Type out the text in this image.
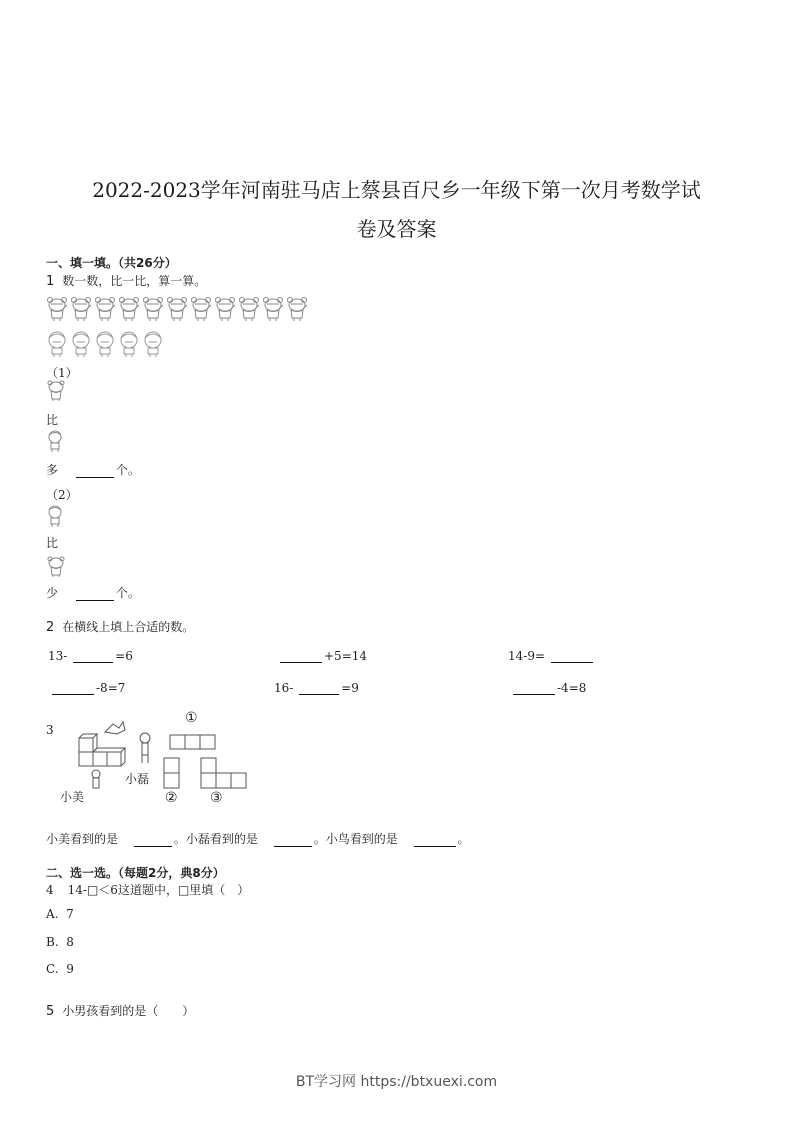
2022-2023学年河南驻马店上蔡县百尺乡一年级下第一次月考数学试
卷及答案
一、填一填。（共26分）
1 数一数，比一比，算一算。
（1）
比
多	个。
（2）
比
少	个。
2 在横线上填上合适的数。
13-	=6	+5=14	14-9=
-8=7	16-	=9	-4=8
3
①
② ③
小美
小磊
小美看到的是	。小磊看到的是	。小鸟看到的是	。
二、选一选。（每题2分，典8分）
4 14-□＜6这道题中，□里填（　）
A. 7
B. 8
C. 9
5 小男孩看到的是（　　）
BT学习网 https://btxuexi.com
